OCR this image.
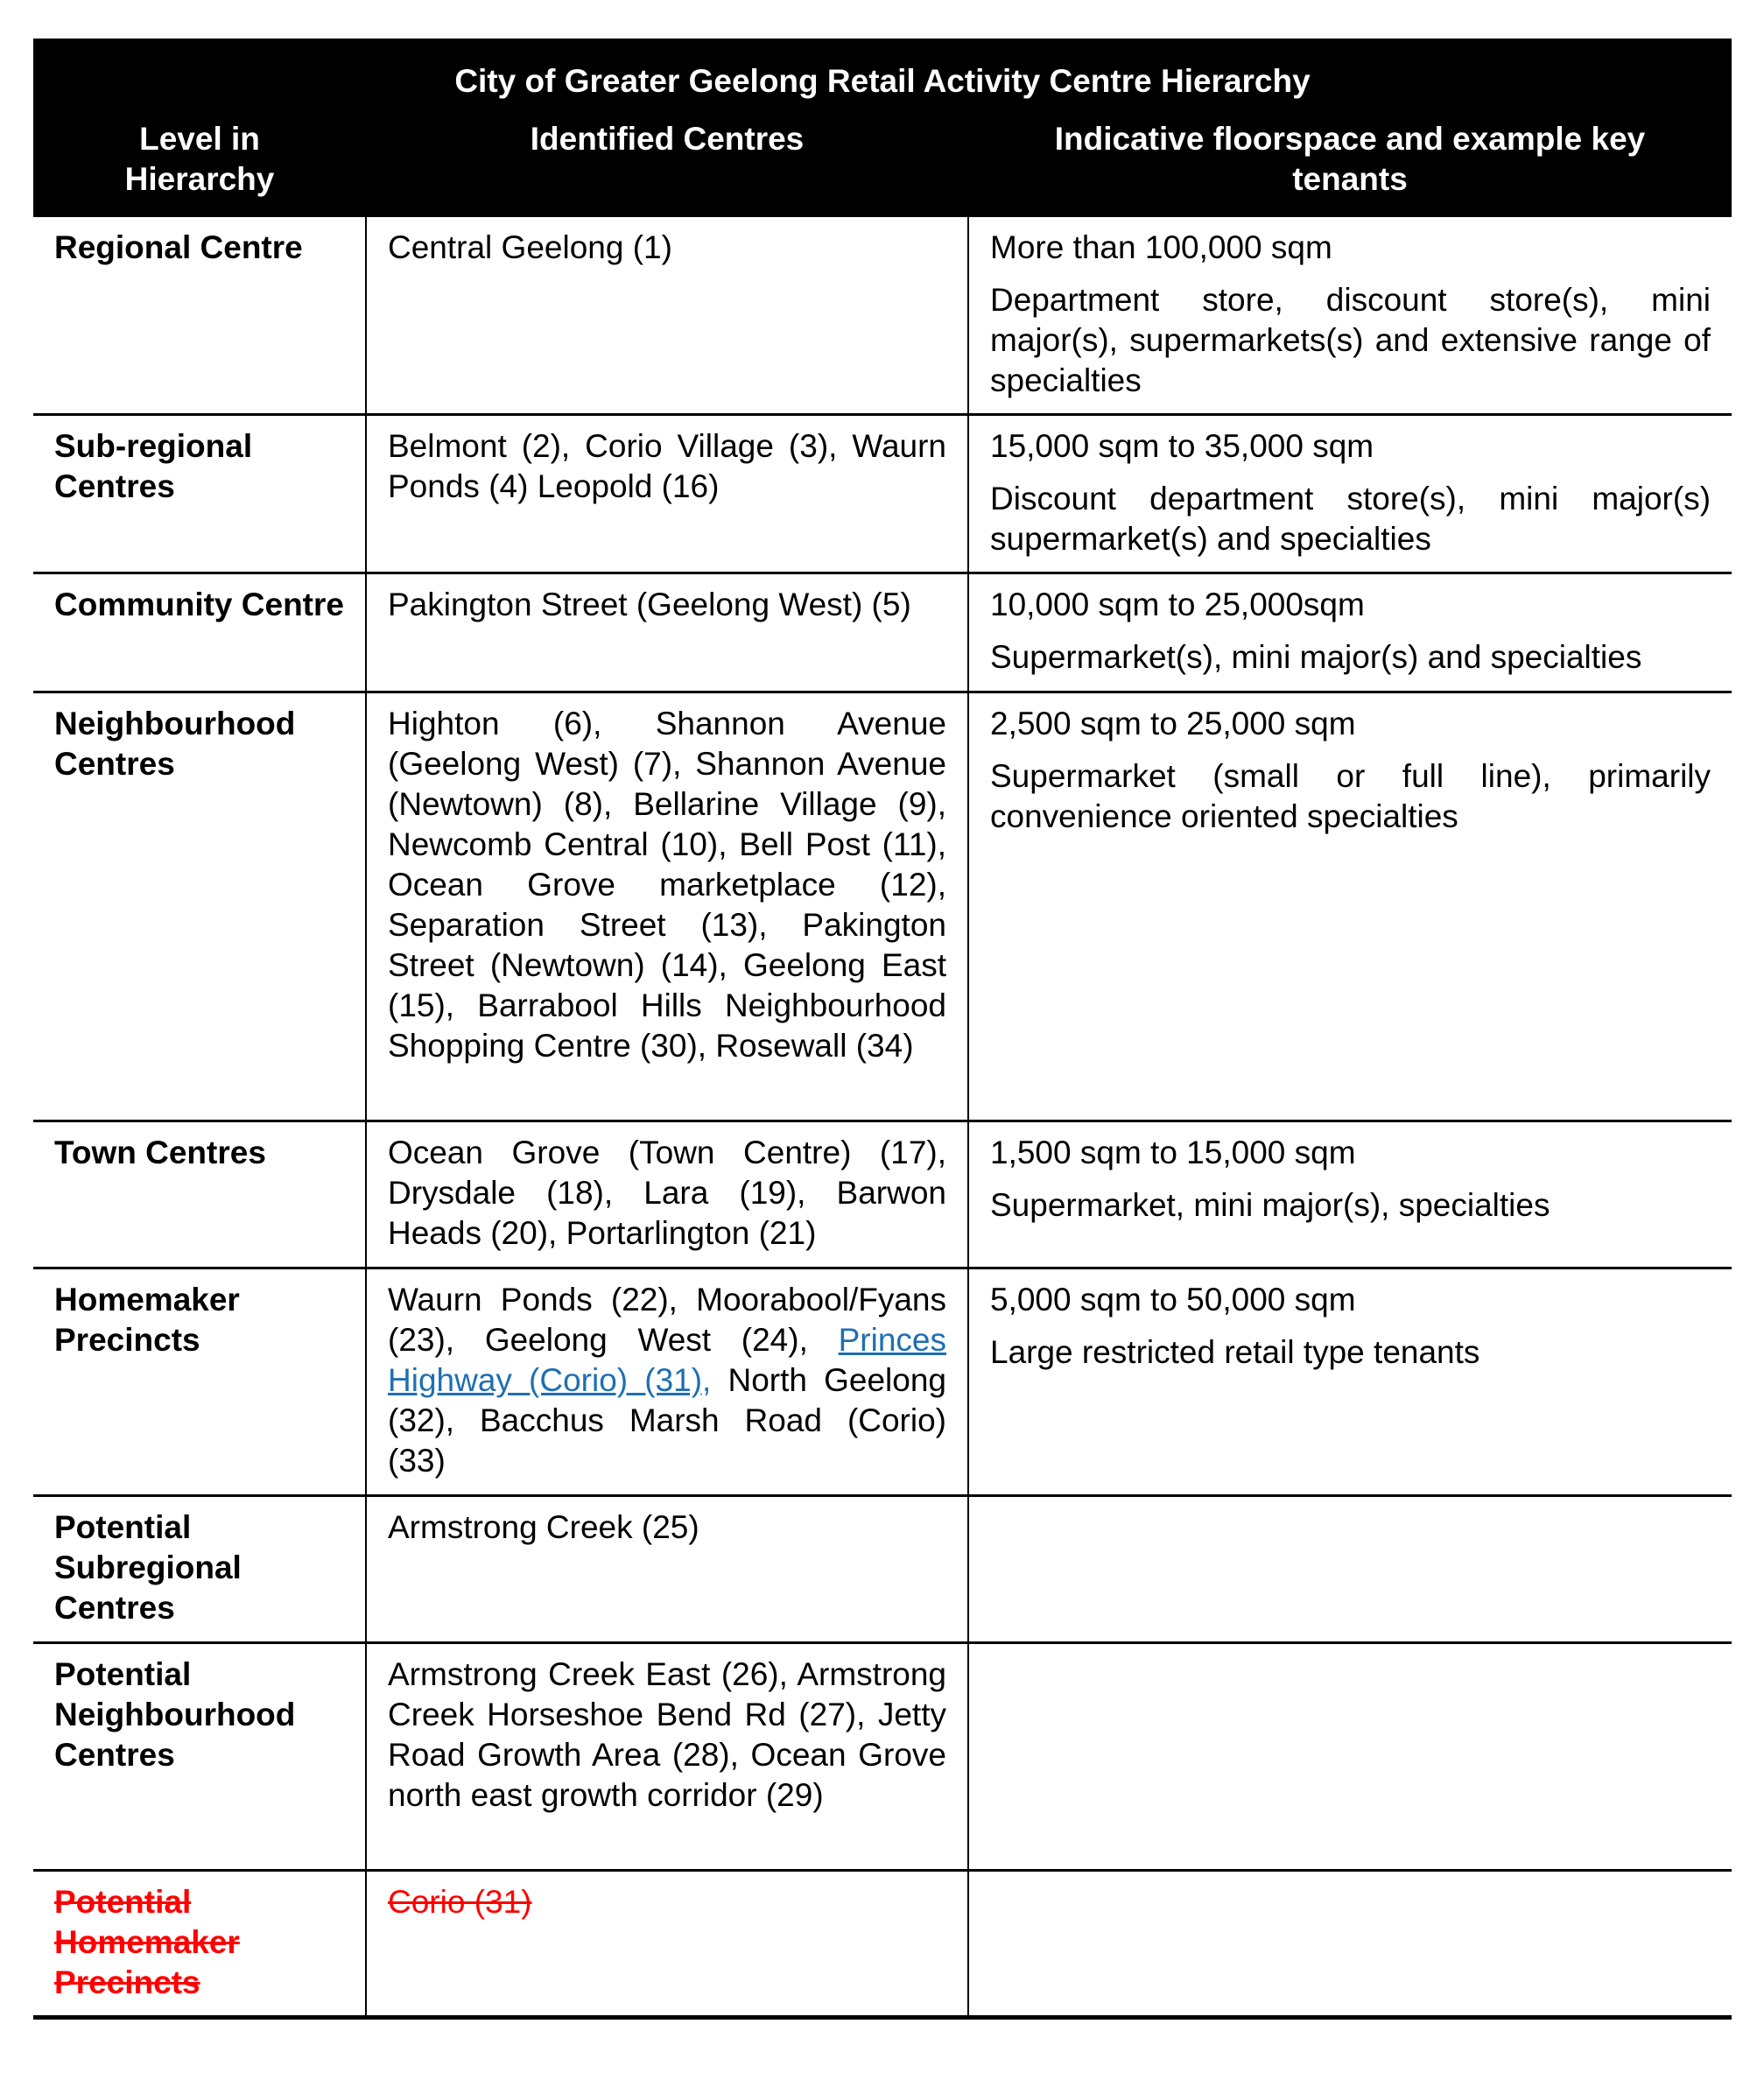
City of Greater Geelong Retail Activity Centre Hierarchy		
Level in Hierarchy	Identified Centres	Indicative floorspace and example key tenants
Regional Centre	Central Geelong (1)	More than 100,000 sqm
Department store, discount store(s), mini major(s), supermarkets(s) and extensive range of specialties

Sub-regional Centres	Belmont (2), Corio Village (3), Waurn Ponds (4) Leopold (16)	15,000 sqm to 35,000 sqm
Discount department store(s), mini major(s) supermarket(s) and specialties

Community Centre	Pakington Street (Geelong West) (5)	10,000 sqm to 25,000sqm
Supermarket(s), mini major(s) and specialties

Neighbourhood Centres	Highton (6), Shannon Avenue (Geelong West) (7), Shannon Avenue (Newtown) (8), Bellarine Village (9), Newcomb Central (10), Bell Post (11), Ocean Grove marketplace (12), Separation Street (13), Pakington Street (Newtown) (14), Geelong East (15), Barrabool Hills Neighbourhood Shopping Centre (30), Rosewall (34)	2,500 sqm to 25,000 sqm
Supermarket (small or full line), primarily convenience oriented specialties

Town Centres	Ocean Grove (Town Centre) (17), Drysdale (18), Lara (19), Barwon Heads (20), Portarlington (21)	1,500 sqm to 15,000 sqm
Supermarket, mini major(s), specialties

Homemaker Precincts	Waurn Ponds (22), Moorabool/Fyans (23), Geelong West (24), Princes Highway (Corio) (31), North Geelong (32), Bacchus Marsh Road (Corio) (33)	5,000 sqm to 50,000 sqm
Large restricted retail type tenants

Potential Subregional Centres	Armstrong Creek (25)	

Potential Neighbourhood Centres	Armstrong Creek East (26), Armstrong Creek Horseshoe Bend Rd (27), Jetty Road Growth Area (28), Ocean Grove north east growth corridor (29)	

Potential Homemaker Precincts	Corio (31)	
